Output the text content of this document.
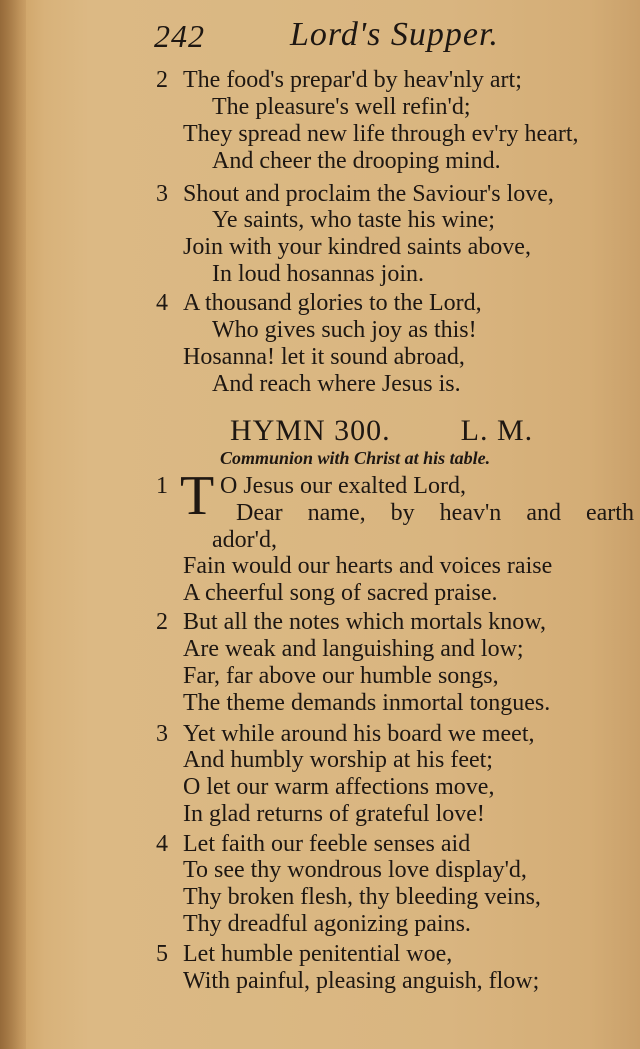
242	Lord's Supper.
2 The food's prepar'd by heav'nly art;
The pleasure's well refin'd;
They spread new life through ev'ry heart,
And cheer the drooping mind.
3 Shout and proclaim the Saviour's love,
Ye saints, who taste his wine;
Join with your kindred saints above,
In loud hosannas join.
4 A thousand glories to the Lord,
Who gives such joy as this!
Hosanna! let it sound abroad,
And reach where Jesus is.
HYMN 300. L. M.
Communion with Christ at his table.
1 T O Jesus our exalted Lord,
Dear name, by heav'n and earth
ador'd,
Fain would our hearts and voices raise
A cheerful song of sacred praise.
2 But all the notes which mortals know,
Are weak and languishing and low;
Far, far above our humble songs,
The theme demands inmortal tongues.
3 Yet while around his board we meet,
And humbly worship at his feet;
O let our warm affections move,
In glad returns of grateful love!
4 Let faith our feeble senses aid
To see thy wondrous love display'd,
Thy broken flesh, thy bleeding veins,
Thy dreadful agonizing pains.
5 Let humble penitential woe,
With painful, pleasing anguish, flow;
